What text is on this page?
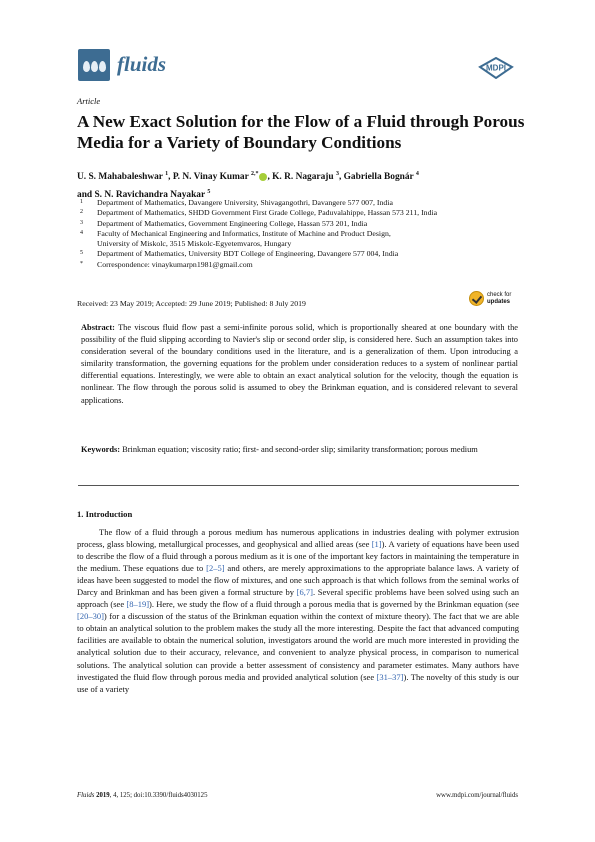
fluids	MDPI
Article
A New Exact Solution for the Flow of a Fluid through Porous Media for a Variety of Boundary Conditions
U. S. Mahabaleshwar $^1$, P. N. Vinay Kumar $^{2,*}$ , K. R. Nagaraju $^3$, Gabriella Bognár $^4$
and S. N. Ravichandra Nayakar $^5$
1 Department of Mathematics, Davangere University, Shivagangothri, Davangere 577 007, India
2 Department of Mathematics, SHDD Government First Grade College, Paduvalahippe, Hassan 573 211, India
3 Department of Mathematics, Government Engineering College, Hassan 573 201, India
4 Faculty of Mechanical Engineering and Informatics, Institute of Machine and Product Design,
University of Miskolc, 3515 Miskolc-Egyetemvaros, Hungary
5 Department of Mathematics, University BDT College of Engineering, Davangere 577 004, India
* Correspondence: vinaykumarpn1981@gmail.com
Received: 23 May 2019; Accepted: 29 June 2019; Published: 8 July 2019
check for
updates
Abstract: The viscous fluid flow past a semi-infinite porous solid, which is proportionally sheared at one boundary with the possibility of the fluid slipping according to Navier's slip or second order slip, is considered here. Such an assumption takes into consideration several of the boundary conditions used in the literature, and is a generalization of them. Upon introducing a similarity transformation, the governing equations for the problem under consideration reduces to a system of nonlinear partial differential equations. Interestingly, we were able to obtain an exact analytical solution for the velocity, though the equation is nonlinear. The flow through the porous solid is assumed to obey the Brinkman equation, and is considered relevant to several applications.
Keywords: Brinkman equation; viscosity ratio; first- and second-order slip; similarity transformation; porous medium
1. Introduction
The flow of a fluid through a porous medium has numerous applications in industries dealing with polymer extrusion process, glass blowing, metallurgical processes, and geophysical and allied areas (see [1]). A variety of equations have been used to describe the flow of a fluid through a porous medium as it is one of the important key factors in maintaining the temperature in the medium. These equations due to [2–5] and others, are merely approximations to the appropriate balance laws. A variety of ideas have been suggested to model the flow of mixtures, and one such approach is that which follows from the seminal works of Darcy and Brinkman and has been given a formal structure by [6,7]. Several specific problems have been solved using such an approach (see [8–19]). Here, we study the flow of a fluid through a porous media that is governed by the Brinkman equation (see [20–30]) for a discussion of the status of the Brinkman equation within the context of mixture theory). The fact that we are able to obtain an analytical solution to the problem makes the study all the more interesting. Despite the fact that advanced computing facilities are available to obtain the numerical solution, investigators around the world are much more interested in providing the analytical solution due to their accuracy, relevance, and convenient to analyze physical process, in comparison to numerical solutions. The analytical solution can provide a better assessment of consistency and parameter estimates. Many authors have investigated the fluid flow through porous media and provided analytical solution (see [31–37]). The novelty of this study is our use of a variety
Fluids 2019, 4, 125; doi:10.3390/fluids4030125	www.mdpi.com/journal/fluids
